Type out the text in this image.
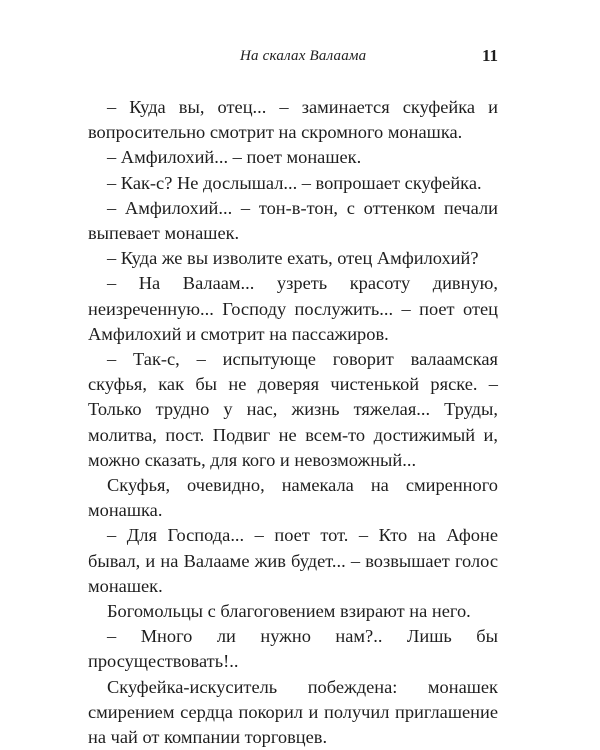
На скалах Валаама	11

– Куда вы, отец... – заминается скуфейка и вопросительно смотрит на скромного монашка.

– Амфилохий... – поет монашек.

– Как-с? Не дослышал... – вопрошает скуфейка.

– Амфилохий... – тон-в-тон, с оттенком печали выпевает монашек.

– Куда же вы изволите ехать, отец Амфилохий?

– На Валаам... узреть красоту дивную, неизреченную... Господу послужить... – поет отец Амфилохий и смотрит на пассажиров.

– Так-с, – испытующе говорит валаамская скуфья, как бы не доверяя чистенькой ряске. – Только трудно у нас, жизнь тяжелая... Труды, молитва, пост. Подвиг не всем-то достижимый и, можно сказать, для кого и невозможный...

Скуфья, очевидно, намекала на смиренного монашка.

– Для Господа... – поет тот. – Кто на Афоне бывал, и на Валааме жив будет... – возвышает голос монашек.

Богомольцы с благоговением взирают на него.

– Много ли нужно нам?.. Лишь бы просуществовать!..

Скуфейка-искуситель побеждена: монашек смирением сердца покорил и получил приглашение на чай от компании торговцев.
